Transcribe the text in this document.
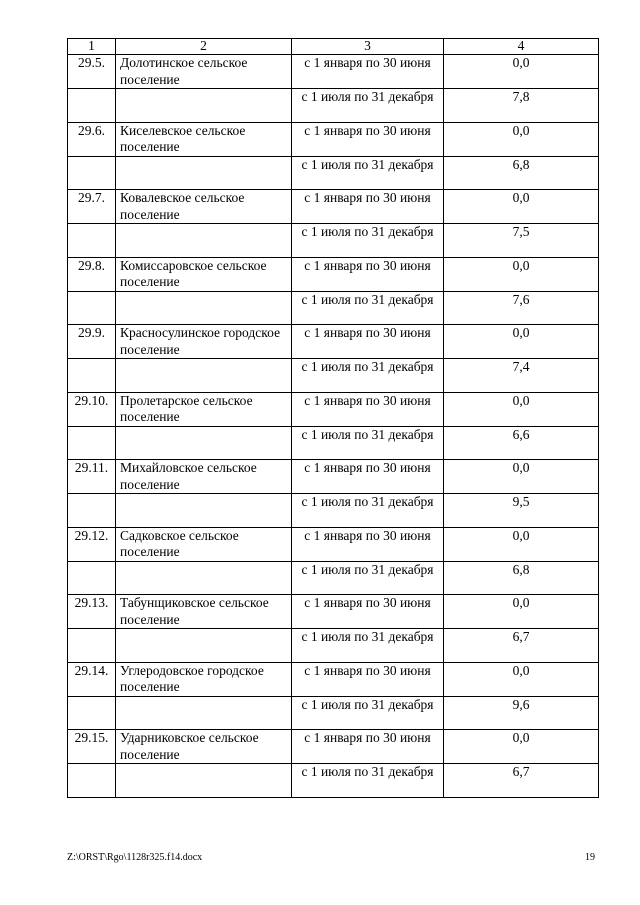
1	2	3	4
29.5.	Долотинское сельское поселение	с 1 января по 30 июня	0,0
		с 1 июля по 31 декабря	7,8
29.6.	Киселевское сельское поселение	с 1 января по 30 июня	0,0
		с 1 июля по 31 декабря	6,8
29.7.	Ковалевское сельское поселение	с 1 января по 30 июня	0,0
		с 1 июля по 31 декабря	7,5
29.8.	Комиссаровское сельское поселение	с 1 января по 30 июня	0,0
		с 1 июля по 31 декабря	7,6
29.9.	Красносулинское городское поселение	с 1 января по 30 июня	0,0
		с 1 июля по 31 декабря	7,4
29.10.	Пролетарское сельское поселение	с 1 января по 30 июня	0,0
		с 1 июля по 31 декабря	6,6
29.11.	Михайловское сельское поселение	с 1 января по 30 июня	0,0
		с 1 июля по 31 декабря	9,5
29.12.	Садковское сельское поселение	с 1 января по 30 июня	0,0
		с 1 июля по 31 декабря	6,8
29.13.	Табунщиковское сельское поселение	с 1 января по 30 июня	0,0
		с 1 июля по 31 декабря	6,7
29.14.	Углеродовское городское поселение	с 1 января по 30 июня	0,0
		с 1 июля по 31 декабря	9,6
29.15.	Ударниковское сельское поселение	с 1 января по 30 июня	0,0
		с 1 июля по 31 декабря	6,7
Z:\ORST\Rgo\1128r325.f14.docx	19
